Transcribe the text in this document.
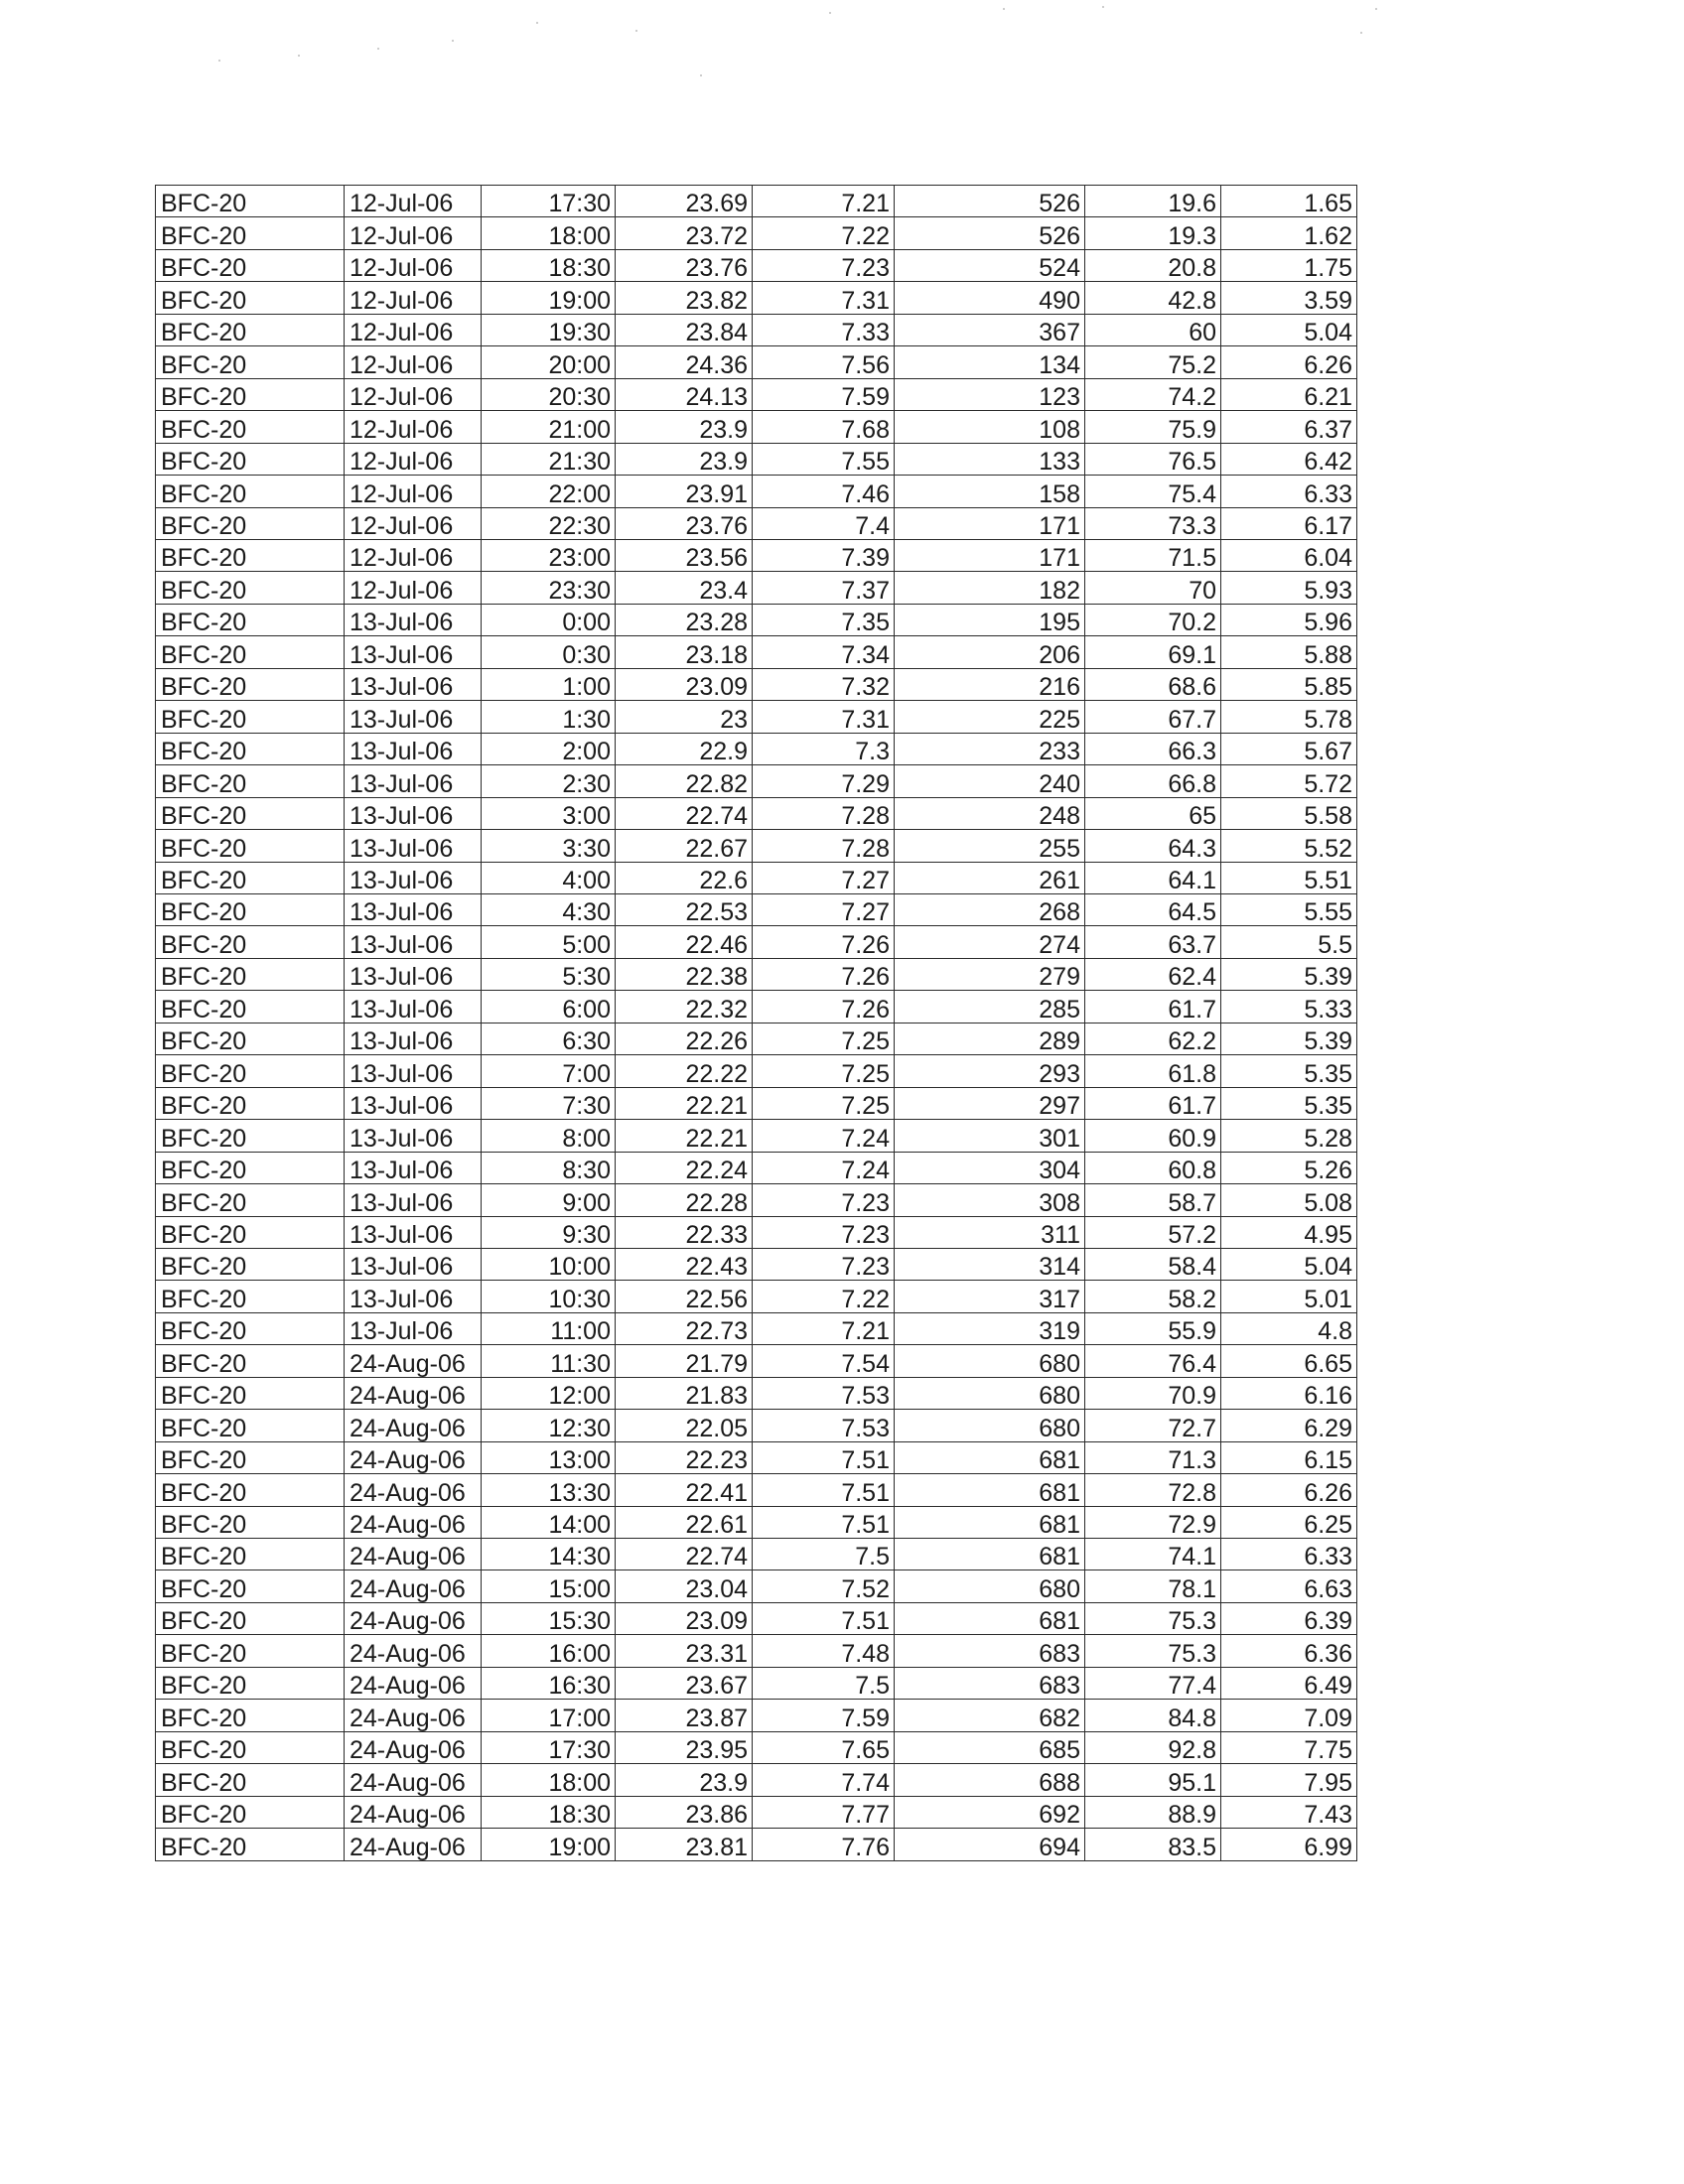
BFC-20	12-Jul-06	17:30	23.69	7.21	526	19.6	1.65
BFC-20	12-Jul-06	18:00	23.72	7.22	526	19.3	1.62
BFC-20	12-Jul-06	18:30	23.76	7.23	524	20.8	1.75
BFC-20	12-Jul-06	19:00	23.82	7.31	490	42.8	3.59
BFC-20	12-Jul-06	19:30	23.84	7.33	367	60	5.04
BFC-20	12-Jul-06	20:00	24.36	7.56	134	75.2	6.26
BFC-20	12-Jul-06	20:30	24.13	7.59	123	74.2	6.21
BFC-20	12-Jul-06	21:00	23.9	7.68	108	75.9	6.37
BFC-20	12-Jul-06	21:30	23.9	7.55	133	76.5	6.42
BFC-20	12-Jul-06	22:00	23.91	7.46	158	75.4	6.33
BFC-20	12-Jul-06	22:30	23.76	7.4	171	73.3	6.17
BFC-20	12-Jul-06	23:00	23.56	7.39	171	71.5	6.04
BFC-20	12-Jul-06	23:30	23.4	7.37	182	70	5.93
BFC-20	13-Jul-06	0:00	23.28	7.35	195	70.2	5.96
BFC-20	13-Jul-06	0:30	23.18	7.34	206	69.1	5.88
BFC-20	13-Jul-06	1:00	23.09	7.32	216	68.6	5.85
BFC-20	13-Jul-06	1:30	23	7.31	225	67.7	5.78
BFC-20	13-Jul-06	2:00	22.9	7.3	233	66.3	5.67
BFC-20	13-Jul-06	2:30	22.82	7.29	240	66.8	5.72
BFC-20	13-Jul-06	3:00	22.74	7.28	248	65	5.58
BFC-20	13-Jul-06	3:30	22.67	7.28	255	64.3	5.52
BFC-20	13-Jul-06	4:00	22.6	7.27	261	64.1	5.51
BFC-20	13-Jul-06	4:30	22.53	7.27	268	64.5	5.55
BFC-20	13-Jul-06	5:00	22.46	7.26	274	63.7	5.5
BFC-20	13-Jul-06	5:30	22.38	7.26	279	62.4	5.39
BFC-20	13-Jul-06	6:00	22.32	7.26	285	61.7	5.33
BFC-20	13-Jul-06	6:30	22.26	7.25	289	62.2	5.39
BFC-20	13-Jul-06	7:00	22.22	7.25	293	61.8	5.35
BFC-20	13-Jul-06	7:30	22.21	7.25	297	61.7	5.35
BFC-20	13-Jul-06	8:00	22.21	7.24	301	60.9	5.28
BFC-20	13-Jul-06	8:30	22.24	7.24	304	60.8	5.26
BFC-20	13-Jul-06	9:00	22.28	7.23	308	58.7	5.08
BFC-20	13-Jul-06	9:30	22.33	7.23	311	57.2	4.95
BFC-20	13-Jul-06	10:00	22.43	7.23	314	58.4	5.04
BFC-20	13-Jul-06	10:30	22.56	7.22	317	58.2	5.01
BFC-20	13-Jul-06	11:00	22.73	7.21	319	55.9	4.8
BFC-20	24-Aug-06	11:30	21.79	7.54	680	76.4	6.65
BFC-20	24-Aug-06	12:00	21.83	7.53	680	70.9	6.16
BFC-20	24-Aug-06	12:30	22.05	7.53	680	72.7	6.29
BFC-20	24-Aug-06	13:00	22.23	7.51	681	71.3	6.15
BFC-20	24-Aug-06	13:30	22.41	7.51	681	72.8	6.26
BFC-20	24-Aug-06	14:00	22.61	7.51	681	72.9	6.25
BFC-20	24-Aug-06	14:30	22.74	7.5	681	74.1	6.33
BFC-20	24-Aug-06	15:00	23.04	7.52	680	78.1	6.63
BFC-20	24-Aug-06	15:30	23.09	7.51	681	75.3	6.39
BFC-20	24-Aug-06	16:00	23.31	7.48	683	75.3	6.36
BFC-20	24-Aug-06	16:30	23.67	7.5	683	77.4	6.49
BFC-20	24-Aug-06	17:00	23.87	7.59	682	84.8	7.09
BFC-20	24-Aug-06	17:30	23.95	7.65	685	92.8	7.75
BFC-20	24-Aug-06	18:00	23.9	7.74	688	95.1	7.95
BFC-20	24-Aug-06	18:30	23.86	7.77	692	88.9	7.43
BFC-20	24-Aug-06	19:00	23.81	7.76	694	83.5	6.99
